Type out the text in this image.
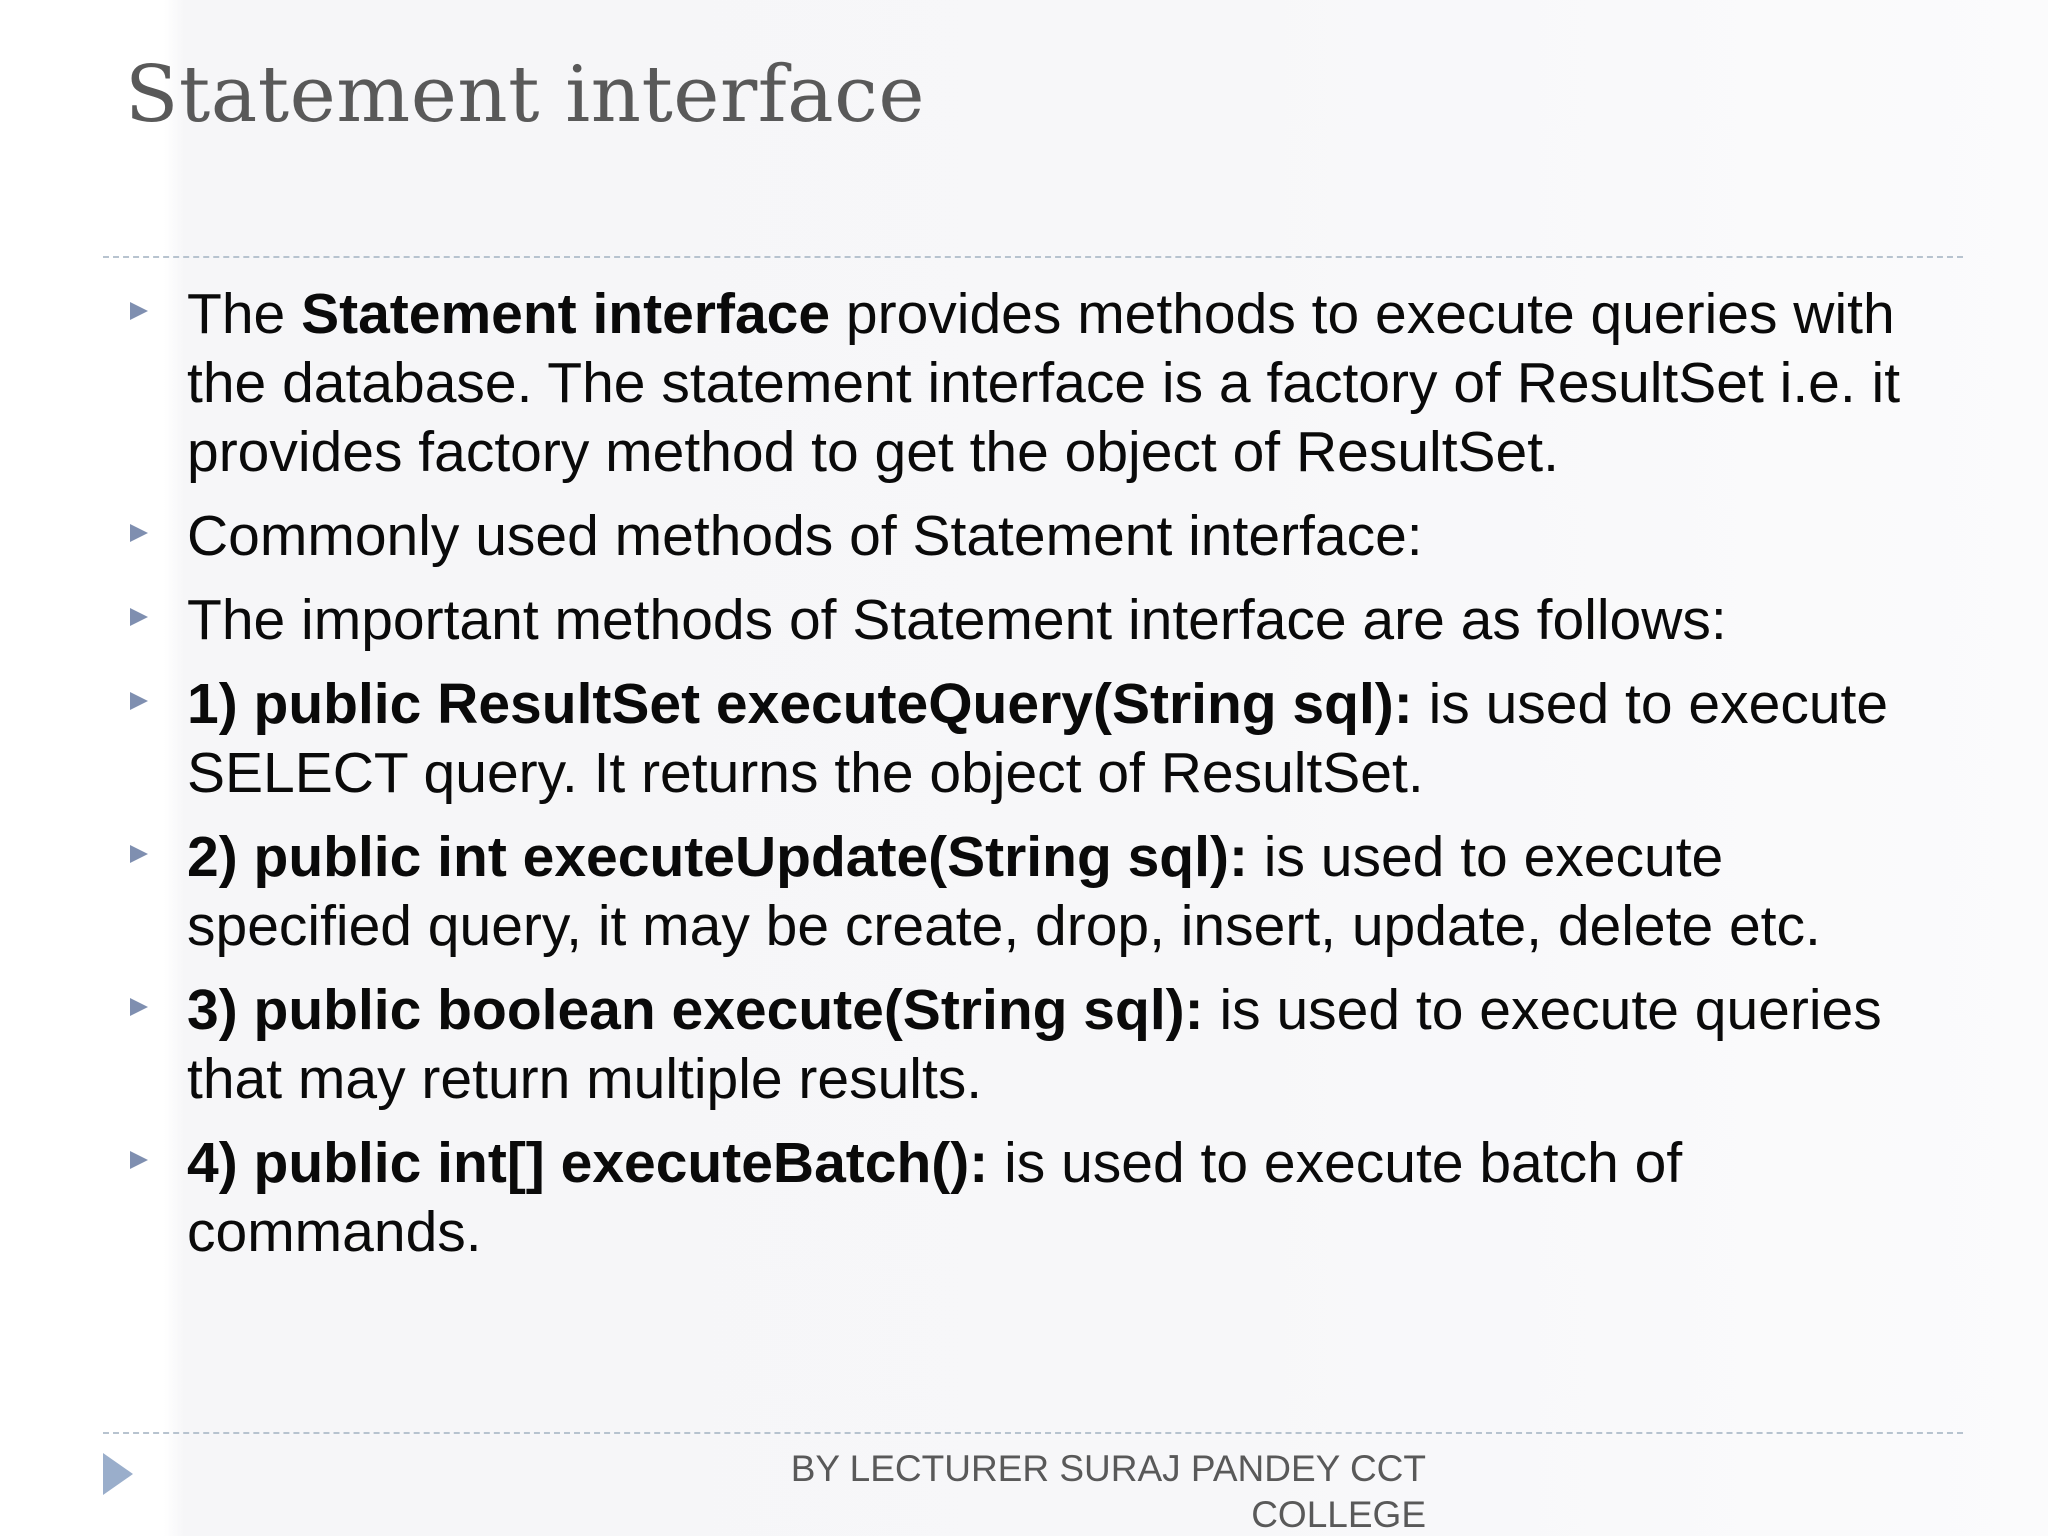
Statement interface
The Statement interface provides methods to execute queries with the database. The statement interface is a factory of ResultSet i.e. it provides factory method to get the object of ResultSet.
Commonly used methods of Statement interface:
The important methods of Statement interface are as follows:
1) public ResultSet executeQuery(String sql): is used to execute SELECT query. It returns the object of ResultSet.
2) public int executeUpdate(String sql): is used to execute specified query, it may be create, drop, insert, update, delete etc.
3) public boolean execute(String sql): is used to execute queries that may return multiple results.
4) public int[] executeBatch(): is used to execute batch of commands.
BY LECTURER SURAJ PANDEY CCT COLLEGE
